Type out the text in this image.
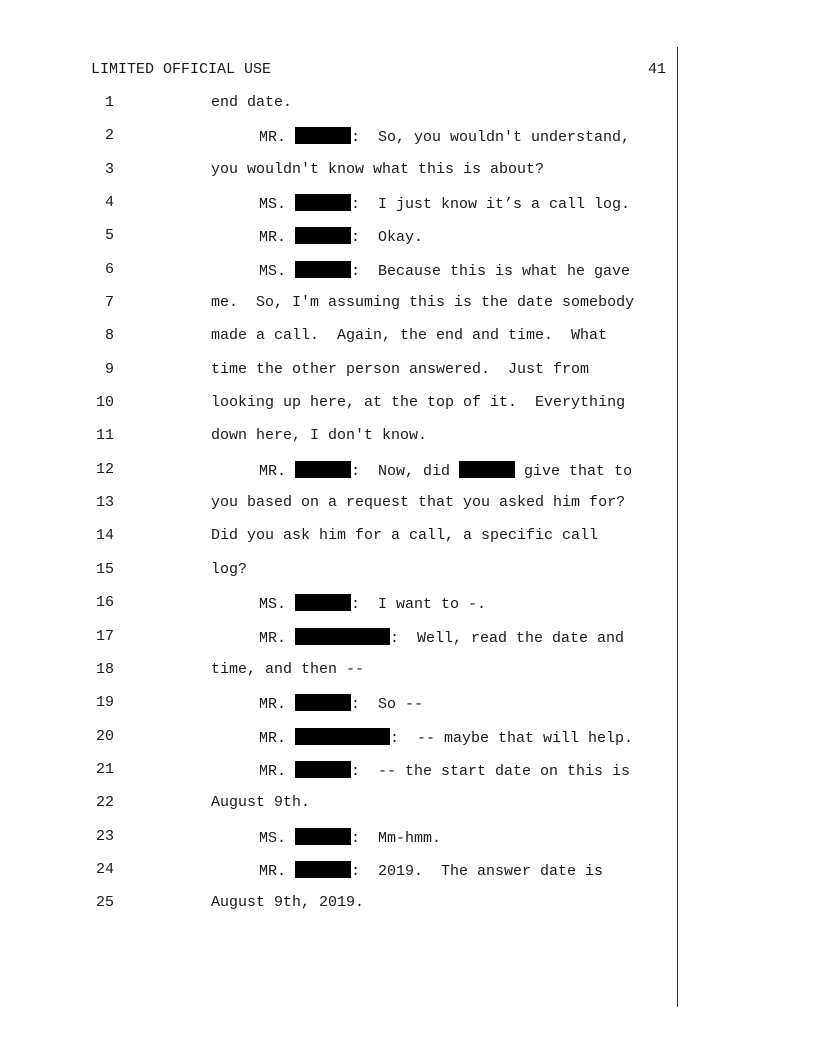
LIMITED OFFICIAL USE	41
1	end date.
2	MR.	:  So, you wouldn't understand,
3	you wouldn't know what this is about?
4	MS.	:  I just know it’s a call log.
5	MR.	:  Okay.
6	MS.	:  Because this is what he gave
7	me.  So, I'm assuming this is the date somebody
8	made a call.  Again, the end and time.  What
9	time the other person answered.  Just from
10	looking up here, at the top of it.  Everything
11	down here, I don't know.
12	MR.	:  Now, did	give that to
13	you based on a request that you asked him for?
14	Did you ask him for a call, a specific call
15	log?
16	MS.	:  I want to -.
17	MR.	:  Well, read the date and
18	time, and then --
19	MR.	:  So --
20	MR.	:  -- maybe that will help.
21	MR.	:  -- the start date on this is
22	August 9th.
23	MS.	:  Mm-hmm.
24	MR.	:  2019.  The answer date is
25	August 9th, 2019.
